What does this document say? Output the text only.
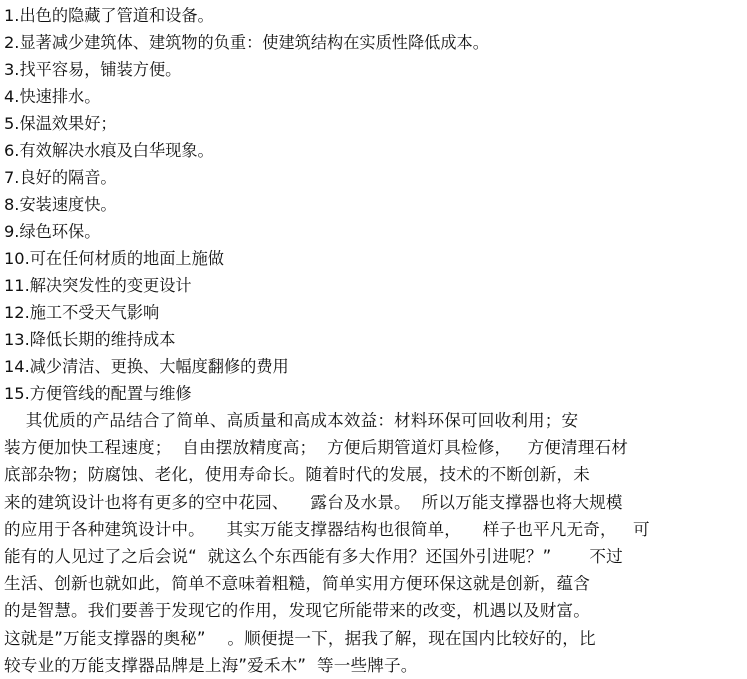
1.出色的隐藏了管道和设备。
2.显著减少建筑体、建筑物的负重：使建筑结构在实质性降低成本。
3.找平容易，铺装方便。
4.快速排水。
5.保温效果好；
6.有效解决水痕及白华现象。
7.良好的隔音。
8.安装速度快。
9.绿色环保。
10.可在任何材质的地面上施做
11.解决突发性的变更设计
12.施工不受天气影响
13.降低长期的维持成本
14.减少清洁、更换、大幅度翻修的费用
15.方便管线的配置与维修

其优质的产品结合了简单、高质量和高成本效益：材料环保可回收利用；安
装方便加快工程速度；  自由摆放精度高；  方便后期管道灯具检修，   方便清理石材
底部杂物；防腐蚀、老化，使用寿命长。随着时代的发展，技术的不断创新，未
来的建筑设计也将有更多的空中花园、    露台及水景。  所以万能支撑器也将大规模
的应用于各种建筑设计中。    其实万能支撑器结构也很简单，    样子也平凡无奇，   可
能有的人见过了之后会说“  就这么个东西能有多大作用？还国外引进呢？”       不过
生活、创新也就如此，简单不意味着粗糙，简单实用方便环保这就是创新，蕴含
的是智慧。我们要善于发现它的作用，发现它所能带来的改变，机遇以及财富。
这就是”万能支撑器的奥秘”    。顺便提一下，据我了解，现在国内比较好的，比
较专业的万能支撑器品牌是上海”爱禾木”  等一些牌子。
